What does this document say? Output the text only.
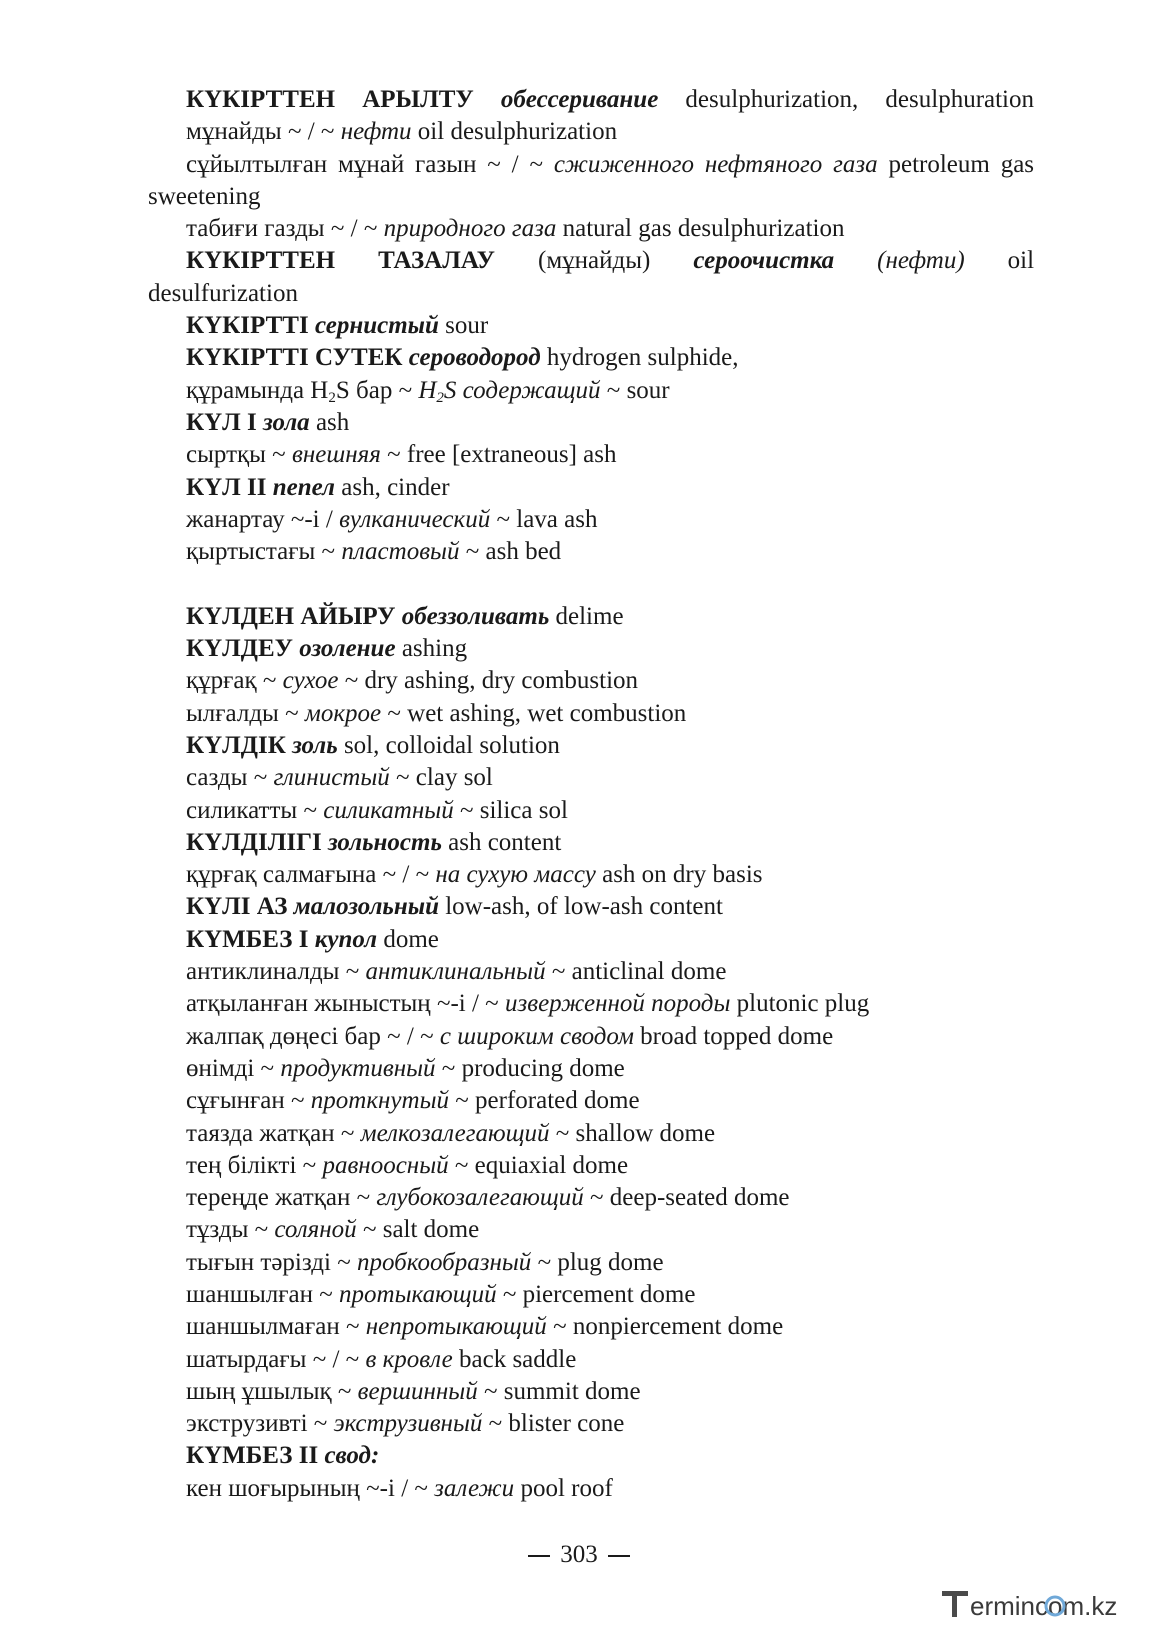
КҮКІРТТЕН АРЫЛТУ обессеривание desulphurization, desulphuration
мұнайды ~ / ~ нефти oil desulphurization
сұйылтылған мұнай газын ~ / ~ сжиженного нефтяного газа petroleum gas
sweetening
табиғи газды ~ / ~ природного газа natural gas desulphurization
КҮКІРТТЕН ТАЗАЛАУ (мұнайды) сероочистка (нефти) oil
desulfurization
КҮКІРТТІ сернистый sour
КҮКІРТТІ СУТЕК сероводород hydrogen sulphide,
құрамында $H_2S$ бар ~ $H_2S$ содержащий ~ sour
КҮЛ I зола ash
сыртқы ~ внешняя ~ free [extraneous] ash
КҮЛ II пепел ash, cinder
жанартау ~-і / вулканический ~ lava ash
қыртыстағы ~ пластовый ~ ash bed
КҮЛДЕН АЙЫРУ обеззоливать delime
КҮЛДЕУ озоление ashing
құрғақ ~ сухое ~ dry ashing, dry combustion
ылғалды ~ мокрое ~ wet ashing, wet combustion
КҮЛДІК золь sol, colloidal solution
сазды ~ глинистый ~ clay sol
силикатты ~ силикатный ~ silica sol
КҮЛДІЛІГІ зольность ash content
құрғақ салмағына ~ / ~ на сухую массу ash on dry basis
КҮЛІ АЗ малозольный low-ash, of low-ash content
КҮМБЕЗ I купол dome
антиклиналды ~ антиклинальный ~ anticlinal dome
атқыланған жыныстың ~-і / ~ изверженной породы plutonic plug
жалпақ дөңесі бар ~ / ~ с широким сводом broad topped dome
өнімді ~ продуктивный ~ producing dome
сұғынған ~ проткнутый ~ perforated dome
таязда жатқан ~ мелкозалегающий ~ shallow dome
тең білікті ~ равноосный ~ equiaxial dome
тереңде жатқан ~ глубокозалегающий ~ deep-seated dome
тұзды ~ соляной ~ salt dome
тығын тәрізді ~ пробкообразный ~ plug dome
шаншылған ~ протыкающий ~ piercement dome
шаншылмаған ~ непротыкающий ~ nonpiercement dome
шатырдағы ~ / ~ в кровле back saddle
шың ұшылық ~ вершинный ~ summit dome
экструзивті ~ экструзивный ~ blister cone
КҮМБЕЗ II свод:
кен шоғырының ~-і / ~ залежи pool roof
303
ermincom.kz
